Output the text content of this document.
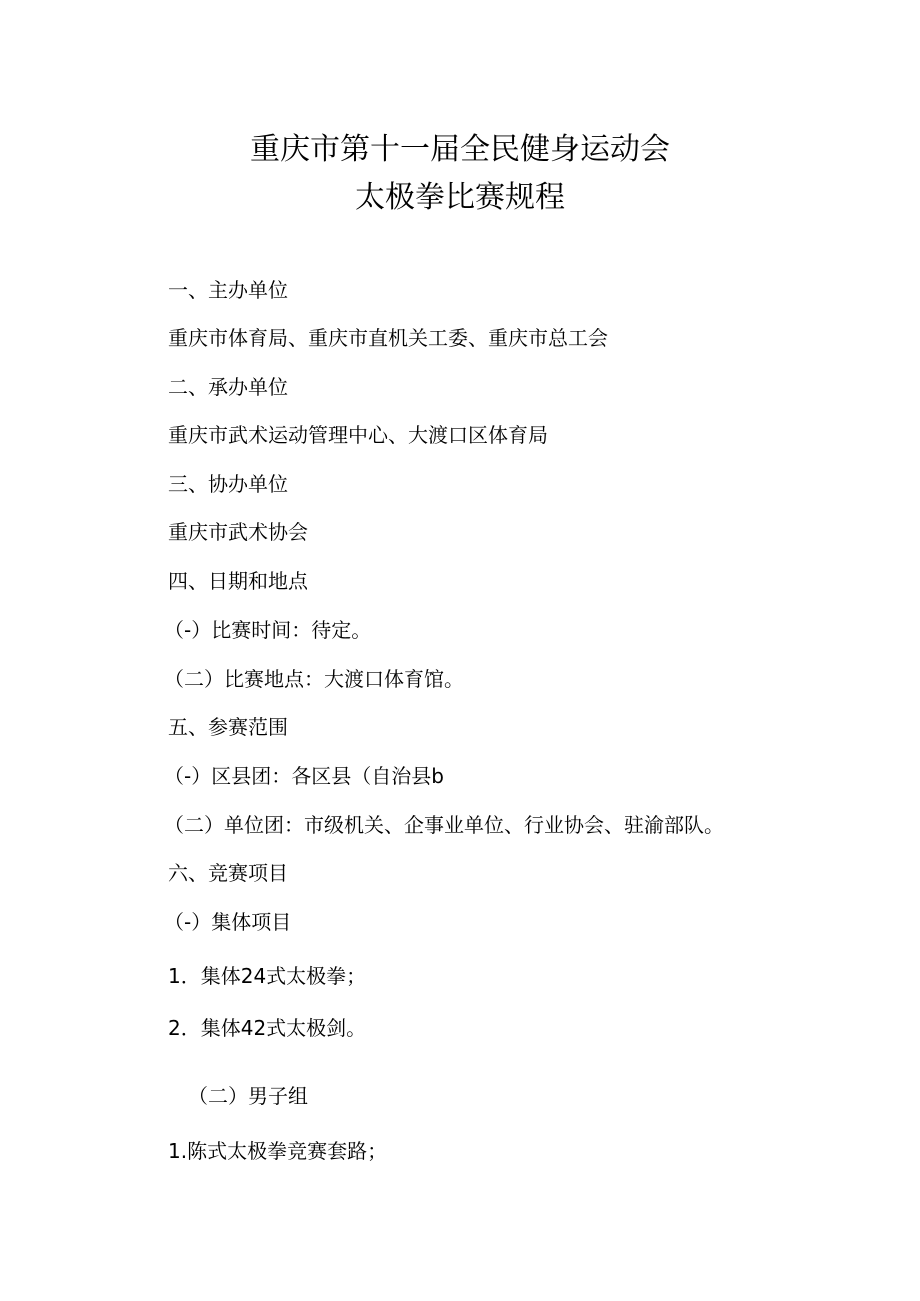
重庆市第十一届全民健身运动会
太极拳比赛规程
一、主办单位
重庆市体育局、重庆市直机关工委、重庆市总工会
二、承办单位
重庆市武术运动管理中心、大渡口区体育局
三、协办单位
重庆市武术协会
四、日期和地点
（-）比赛时间：待定。
（二）比赛地点：大渡口体育馆。
五、参赛范围
（-）区县团：各区县（自治县b
（二）单位团：市级机关、企事业单位、行业协会、驻渝部队。
六、竞赛项目
（-）集体项目
1．集体24式太极拳；
2．集体42式太极剑。
（二）男子组
1.陈式太极拳竞赛套路；
